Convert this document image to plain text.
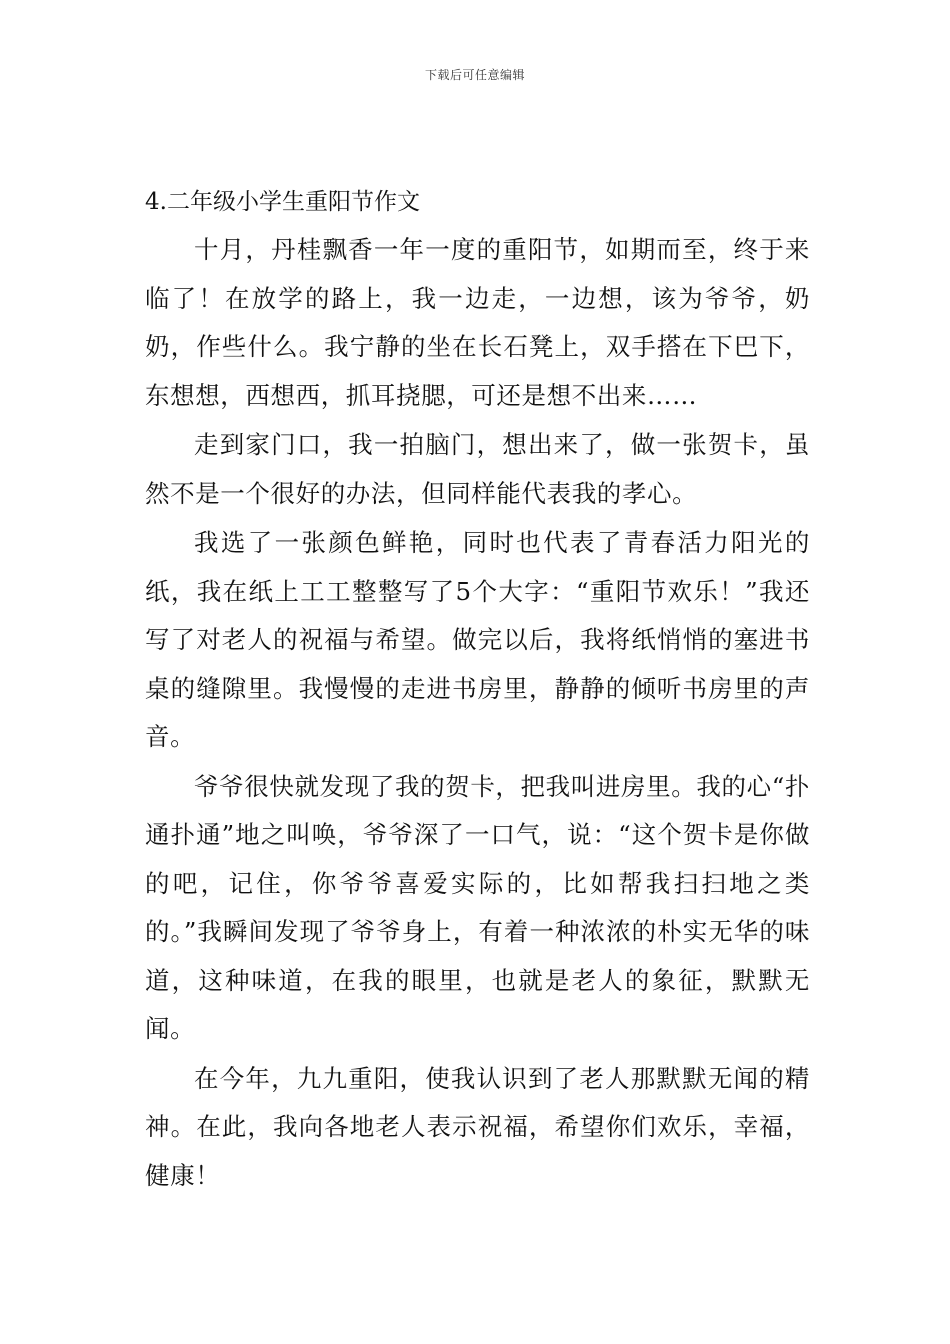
下载后可任意编辑
4.二年级小学生重阳节作文

十月，丹桂飘香一年一度的重阳节，如期而至，终于来临了！在放学的路上，我一边走，一边想，该为爷爷，奶奶，作些什么。我宁静的坐在长石凳上，双手搭在下巴下，东想想，西想西，抓耳挠腮，可还是想不出来……

走到家门口，我一拍脑门，想出来了，做一张贺卡，虽然不是一个很好的办法，但同样能代表我的孝心。

我选了一张颜色鲜艳，同时也代表了青春活力阳光的纸，我在纸上工工整整写了5个大字：“重阳节欢乐！”我还写了对老人的祝福与希望。做完以后，我将纸悄悄的塞进书桌的缝隙里。我慢慢的走进书房里，静静的倾听书房里的声音。

爷爷很快就发现了我的贺卡，把我叫进房里。我的心“扑通扑通”地之叫唤，爷爷深了一口气，说：“这个贺卡是你做的吧，记住，你爷爷喜爱实际的，比如帮我扫扫地之类的。”我瞬间发现了爷爷身上，有着一种浓浓的朴实无华的味道，这种味道，在我的眼里，也就是老人的象征，默默无闻。

在今年，九九重阳，使我认识到了老人那默默无闻的精神。在此，我向各地老人表示祝福，希望你们欢乐，幸福，健康！
